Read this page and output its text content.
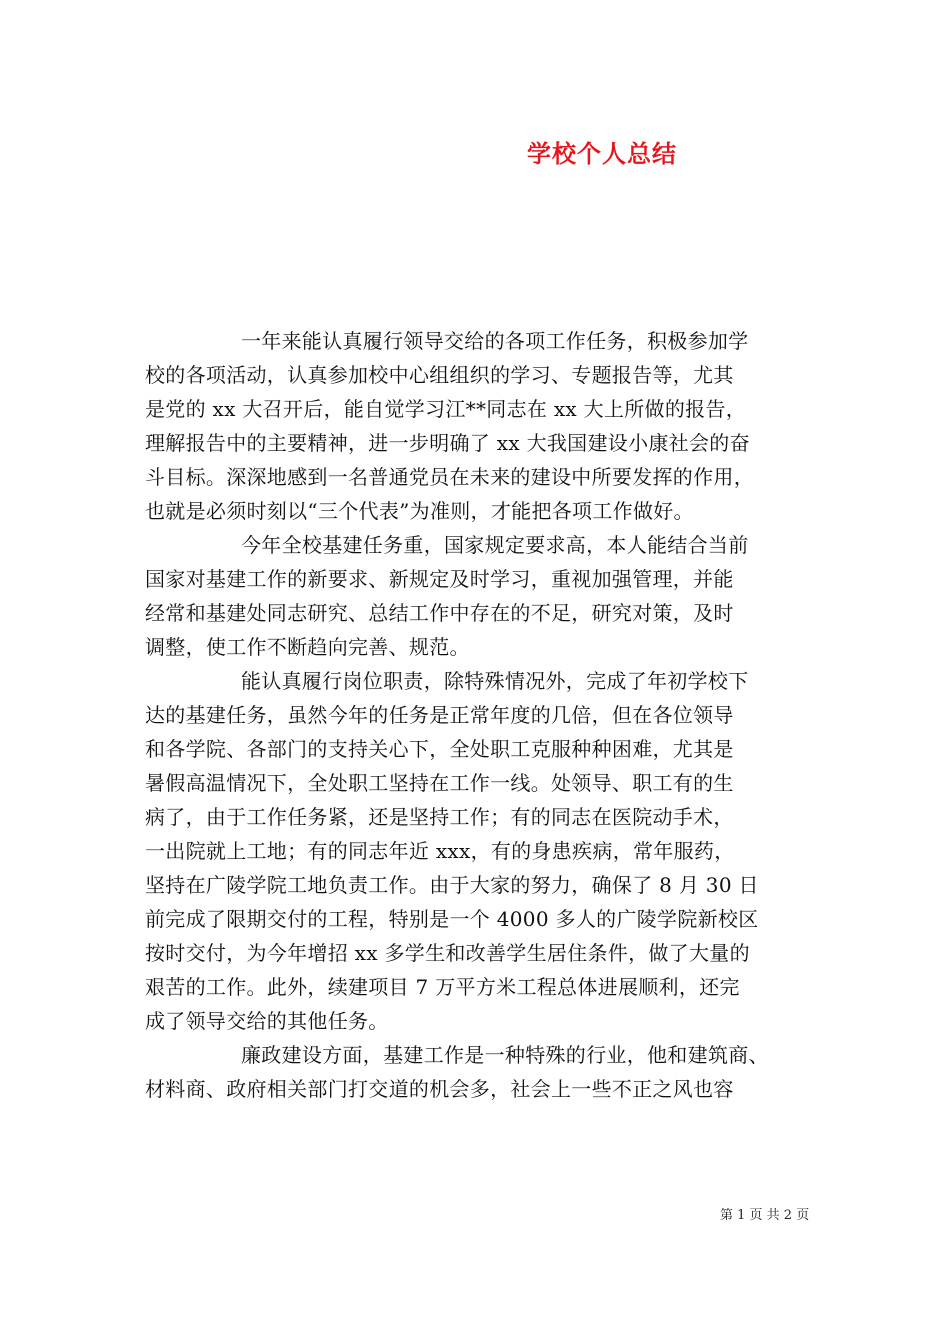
学校个人总结

一年来能认真履行领导交给的各项工作任务，积极参加学
校的各项活动，认真参加校中心组组织的学习、专题报告等，尤其
是党的 xx 大召开后，能自觉学习江**同志在 xx 大上所做的报告，
理解报告中的主要精神，进一步明确了 xx 大我国建设小康社会的奋
斗目标。深深地感到一名普通党员在未来的建设中所要发挥的作用，
也就是必须时刻以“三个代表”为准则，才能把各项工作做好。

今年全校基建任务重，国家规定要求高，本人能结合当前
国家对基建工作的新要求、新规定及时学习，重视加强管理，并能
经常和基建处同志研究、总结工作中存在的不足，研究对策，及时
调整，使工作不断趋向完善、规范。

能认真履行岗位职责，除特殊情况外，完成了年初学校下
达的基建任务，虽然今年的任务是正常年度的几倍，但在各位领导
和各学院、各部门的支持关心下，全处职工克服种种困难，尤其是
暑假高温情况下，全处职工坚持在工作一线。处领导、职工有的生
病了，由于工作任务紧，还是坚持工作；有的同志在医院动手术，
一出院就上工地；有的同志年近 xxx，有的身患疾病，常年服药，
坚持在广陵学院工地负责工作。由于大家的努力，确保了 8 月 30 日
前完成了限期交付的工程，特别是一个 4000 多人的广陵学院新校区
按时交付，为今年增招 xx 多学生和改善学生居住条件，做了大量的
艰苦的工作。此外，续建项目 7 万平方米工程总体进展顺利，还完
成了领导交给的其他任务。

廉政建设方面，基建工作是一种特殊的行业，他和建筑商、
材料商、政府相关部门打交道的机会多，社会上一些不正之风也容

第 1 页 共 2 页
